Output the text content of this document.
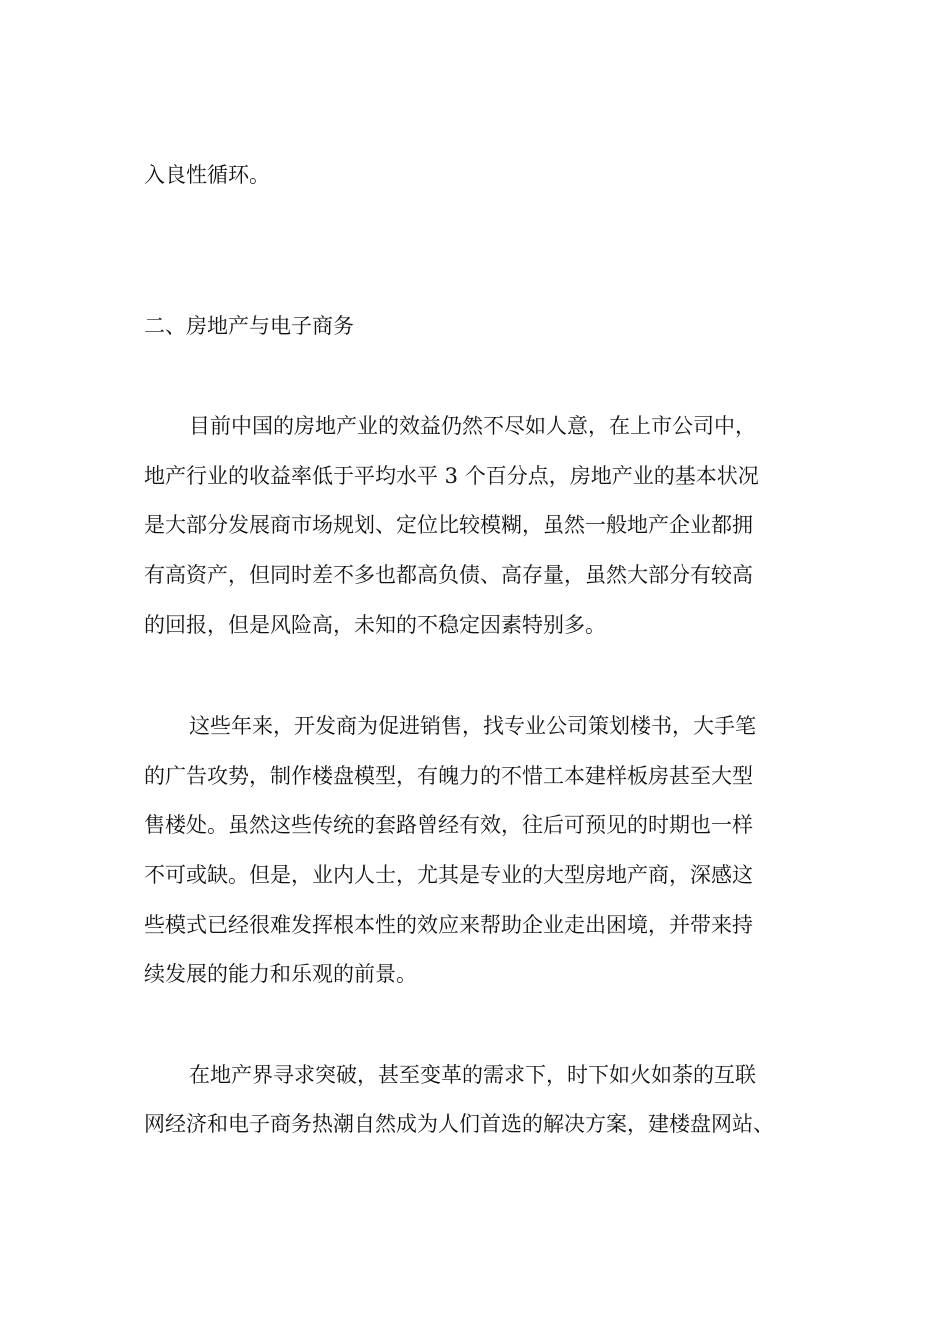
入良性循环。
二、房地产与电子商务
目前中国的房地产业的效益仍然不尽如人意，在上市公司中，
地产行业的收益率低于平均水平 3 个百分点，房地产业的基本状况
是大部分发展商市场规划、定位比较模糊，虽然一般地产企业都拥
有高资产，但同时差不多也都高负债、高存量，虽然大部分有较高
的回报，但是风险高，未知的不稳定因素特别多。
这些年来，开发商为促进销售，找专业公司策划楼书，大手笔
的广告攻势，制作楼盘模型，有魄力的不惜工本建样板房甚至大型
售楼处。虽然这些传统的套路曾经有效，往后可预见的时期也一样
不可或缺。但是，业内人士，尤其是专业的大型房地产商，深感这
些模式已经很难发挥根本性的效应来帮助企业走出困境，并带来持
续发展的能力和乐观的前景。
在地产界寻求突破，甚至变革的需求下，时下如火如荼的互联
网经济和电子商务热潮自然成为人们首选的解决方案，建楼盘网站、
